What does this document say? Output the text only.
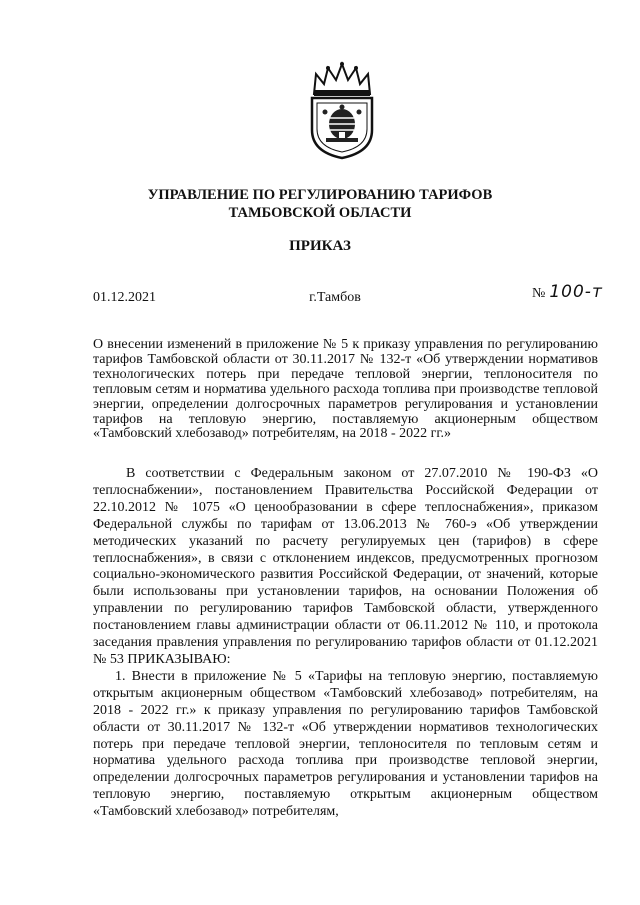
УПРАВЛЕНИЕ ПО РЕГУЛИРОВАНИЮ ТАРИФОВ
ТАМБОВСКОЙ ОБЛАСТИ
ПРИКАЗ
01.12.2021	г.Тамбов	№ 100-т
О внесении изменений в приложение № 5 к приказу управления по регулированию тарифов Тамбовской области от 30.11.2017 № 132-т «Об утверждении нормативов технологических потерь при передаче тепловой энергии, теплоносителя по тепловым сетям и норматива удельного расхода топлива при производстве тепловой энергии, определении долгосрочных параметров регулирования и установлении тарифов на тепловую энергию, поставляемую акционерным обществом «Тамбовский хлебозавод» потребителям, на 2018 - 2022 гг.»

В соответствии с Федеральным законом от 27.07.2010 № 190-ФЗ «О теплоснабжении», постановлением Правительства Российской Федерации от 22.10.2012 № 1075 «О ценообразовании в сфере теплоснабжения», приказом Федеральной службы по тарифам от 13.06.2013 № 760-э «Об утверждении методических указаний по расчету регулируемых цен (тарифов) в сфере теплоснабжения», в связи с отклонением индексов, предусмотренных прогнозом социально-экономического развития Российской Федерации, от значений, которые были использованы при установлении тарифов, на основании Положения об управлении по регулированию тарифов Тамбовской области, утвержденного постановлением главы администрации области от 06.11.2012 № 110, и протокола заседания правления управления по регулированию тарифов области от 01.12.2021 № 53 ПРИКАЗЫВАЮ:

1. Внести в приложение № 5 «Тарифы на тепловую энергию, поставляемую открытым акционерным обществом «Тамбовский хлебозавод» потребителям, на 2018 - 2022 гг.» к приказу управления по регулированию тарифов Тамбовской области от 30.11.2017 № 132-т «Об утверждении нормативов технологических потерь при передаче тепловой энергии, теплоносителя по тепловым сетям и норматива удельного расхода топлива при производстве тепловой энергии, определении долгосрочных параметров регулирования и установлении тарифов на тепловую энергию, поставляемую открытым акционерным обществом «Тамбовский хлебозавод» потребителям,
